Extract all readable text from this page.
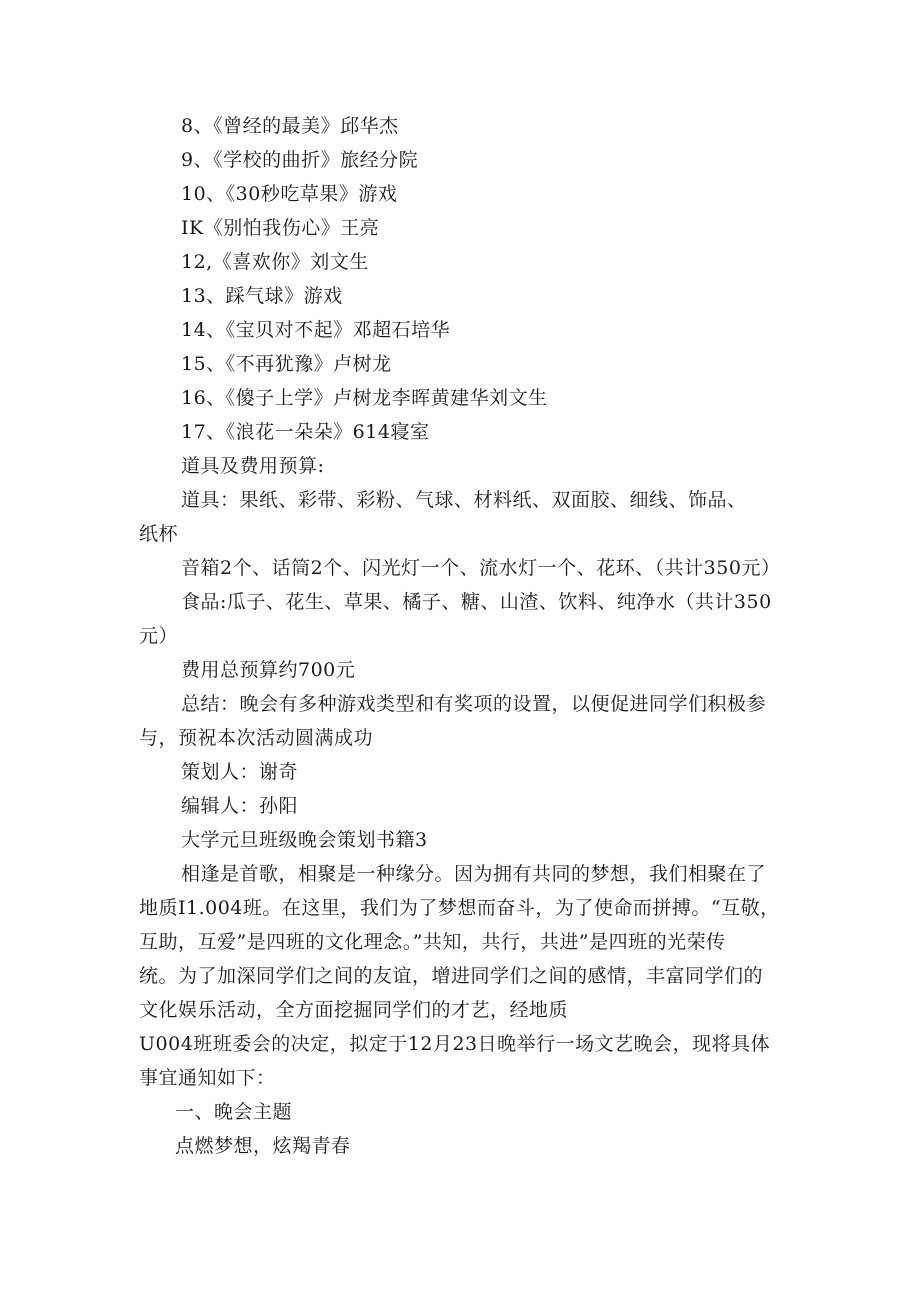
8、《曾经的最美》邱华杰
9、《学校的曲折》旅经分院
10、《30秒吃草果》游戏
IK《别怕我伤心》王亮
12,《喜欢你》刘文生
13、踩气球》游戏
14、《宝贝对不起》邓超石培华
15、《不再犹豫》卢树龙
16、《傻子上学》卢树龙李晖黄建华刘文生
17、《浪花一朵朵》614寝室
道具及费用预算:
道具：果纸、彩带、彩粉、气球、材料纸、双面胶、细线、饰品、
纸杯
音箱2个、话筒2个、闪光灯一个、流水灯一个、花环、（共计350元）
食品:瓜子、花生、草果、橘子、糖、山渣、饮料、纯净水（共计350
元）
费用总预算约700元
总结：晚会有多种游戏类型和有奖项的设置，以便促进同学们积极参
与，预祝本次活动圆满成功
策划人：谢奇
编辑人：孙阳
大学元旦班级晚会策划书籍3
相逢是首歌，相聚是一种缘分。因为拥有共同的梦想，我们相聚在了
地质I1.004班。在这里，我们为了梦想而奋斗，为了使命而拼搏。“互敬，
互助，互爱”是四班的文化理念。”共知，共行，共进”是四班的光荣传
统。为了加深同学们之间的友谊，增进同学们之间的感情，丰富同学们的
文化娱乐活动，全方面挖掘同学们的才艺，经地质
U004班班委会的决定，拟定于12月23日晚举行一场文艺晚会，现将具体
事宜通知如下：
一、晚会主题
点燃梦想，炫羯青春
